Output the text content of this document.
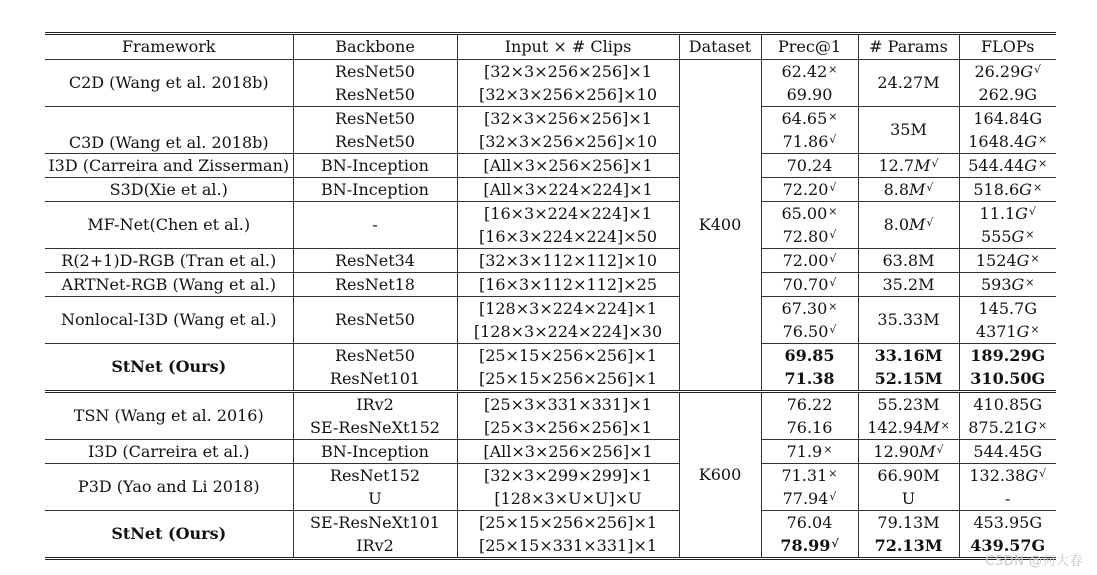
Framework	Backbone	Input × # Clips	Dataset	Prec@1	# Params	FLOPs
C2D (Wang et al. 2018b)	ResNet50	[32×3×256×256]×1	K400	62.42×	24.27M	26.29G√
	ResNet50	[32×3×256×256]×10		69.90		262.9G
C3D (Wang et al. 2018b)	ResNet50	[32×3×256×256]×1		64.65×	35M	164.84G
	ResNet50	[32×3×256×256]×10		71.86√		1648.4G×
I3D (Carreira and Zisserman)	BN-Inception	[All×3×256×256]×1		70.24	12.7M√	544.44G×
S3D(Xie et al.)	BN-Inception	[All×3×224×224]×1		72.20√	8.8M√	518.6G×
MF-Net(Chen et al.)	-	[16×3×224×224]×1		65.00×	8.0M√	11.1G√
		[16×3×224×224]×50		72.80√		555G×
R(2+1)D-RGB (Tran et al.)	ResNet34	[32×3×112×112]×10		72.00√	63.8M	1524G×
ARTNet-RGB (Wang et al.)	ResNet18	[16×3×112×112]×25		70.70√	35.2M	593G×
Nonlocal-I3D (Wang et al.)	ResNet50	[128×3×224×224]×1		67.30×	35.33M	145.7G
		[128×3×224×224]×30		76.50√		4371G×
StNet (Ours)	ResNet50	[25×15×256×256]×1		69.85	33.16M	189.29G
	ResNet101	[25×15×256×256]×1		71.38	52.15M	310.50G
TSN (Wang et al. 2016)	IRv2	[25×3×331×331]×1	K600	76.22	55.23M	410.85G
	SE-ResNeXt152	[25×3×256×256]×1		76.16	142.94M×	875.21G×
I3D (Carreira et al.)	BN-Inception	[All×3×256×256]×1		71.9×	12.90M√	544.45G
P3D (Yao and Li 2018)	ResNet152	[32×3×299×299]×1		71.31×	66.90M	132.38G√
	U	[128×3×U×U]×U		77.94√	U	-
StNet (Ours)	SE-ResNeXt101	[25×15×256×256]×1		76.04	79.13M	453.95G
	IRv2	[25×15×331×331]×1		78.99√	72.13M	439.57G
CSDN @何大春
